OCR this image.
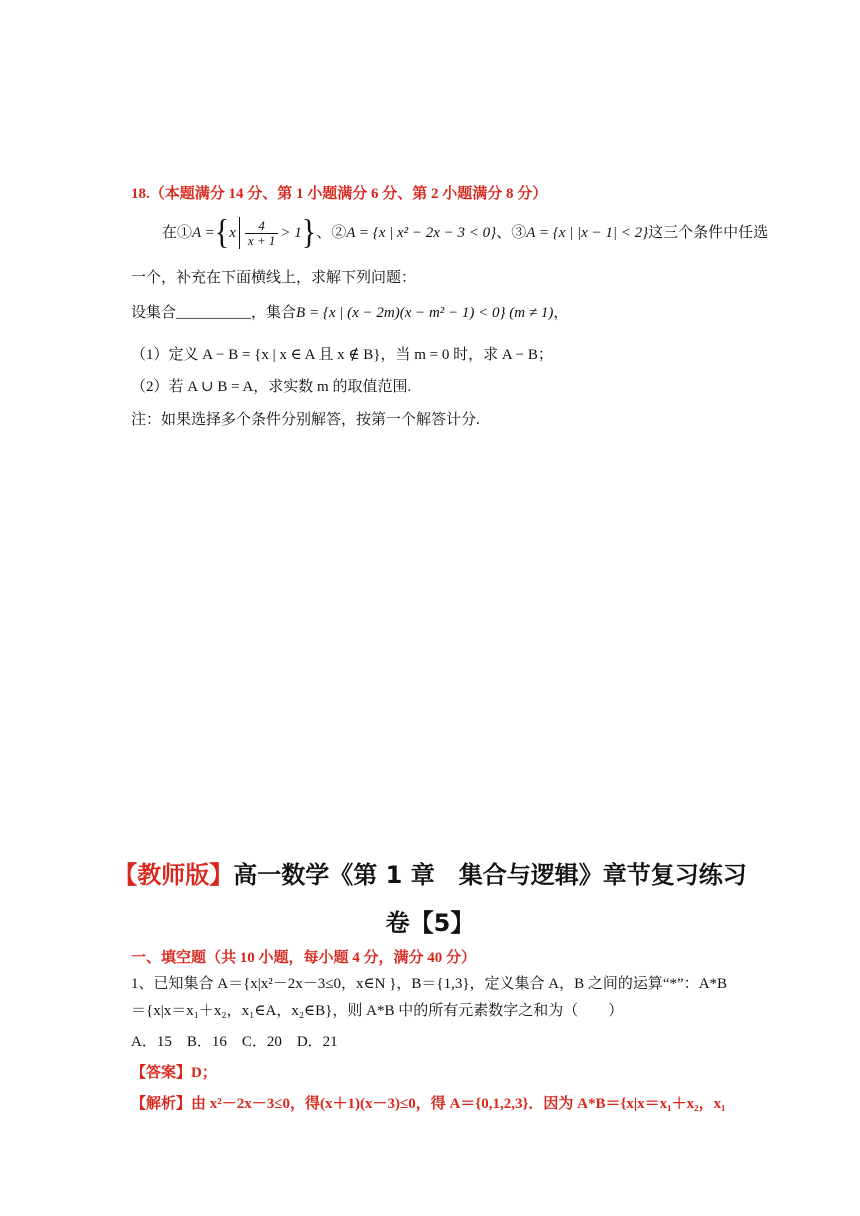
18.（本题满分 14 分、第 1 小题满分 6 分、第 2 小题满分 8 分）
在① A = { x $\frac{4}{x + 1} > 1$ } 、② A = {x | x² − 2x − 3 < 0} 、③ A = {x | |x − 1| < 2} 这三个条件中任选
一个，补充在下面横线上，求解下列问题：
设集合__________，集合B = {x | (x − 2m)(x − m² − 1) < 0} (m ≠ 1)，
（1）定义 A − B = {x | x ∈ A 且 x ∉ B}，当 m = 0 时，求 A − B；
（2）若 A ∪ B = A，求实数 m 的取值范围.
注：如果选择多个条件分别解答，按第一个解答计分.
【教师版】高一数学《第 1 章　集合与逻辑》章节复习练习
卷【5】
一、填空题（共 10 小题，每小题 4 分，满分 40 分）
1、已知集合 A＝{x|x²－2x－3≤0，x∈N }，B＝{1,3}，定义集合 A，B 之间的运算“*”：A*B
＝{x|x＝x₁＋x₂，x₁∈A，x₂∈B}，则 A*B 中的所有元素数字之和为（　　）
A．15　B．16　C．20　D．21
【答案】D；
【解析】由 x²－2x－3≤0，得(x＋1)(x－3)≤0，得 A＝{0,1,2,3}．因为 A*B＝{x|x＝x₁＋x₂，x₁
